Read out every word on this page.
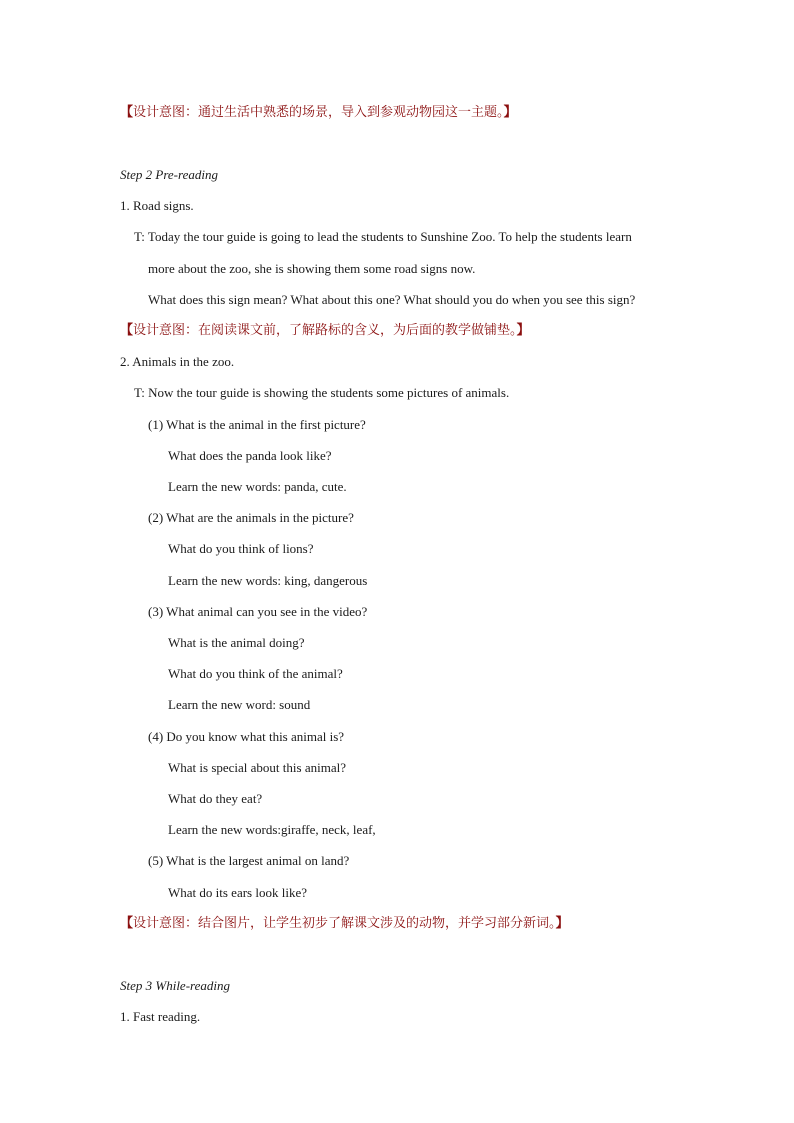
【设计意图：通过生活中熟悉的场景，导入到参观动物园这一主题。】
Step 2 Pre-reading
1. Road signs.
T: Today the tour guide is going to lead the students to Sunshine Zoo. To help the students learn
more about the zoo, she is showing them some road signs now.
What does this sign mean? What about this one? What should you do when you see this sign?
【设计意图：在阅读课文前，了解路标的含义，为后面的教学做铺垫。】
2. Animals in the zoo.
T: Now the tour guide is showing the students some pictures of animals.
(1) What is the animal in the first picture?
What does the panda look like?
Learn the new words: panda, cute.
(2) What are the animals in the picture?
What do you think of lions?
Learn the new words: king, dangerous
(3) What animal can you see in the video?
What is the animal doing?
What do you think of the animal?
Learn the new word: sound
(4) Do you know what this animal is?
What is special about this animal?
What do they eat?
Learn the new words:giraffe, neck, leaf,
(5) What is the largest animal on land?
What do its ears look like?
【设计意图：结合图片，让学生初步了解课文涉及的动物，并学习部分新词。】
Step 3 While-reading
1. Fast reading.
